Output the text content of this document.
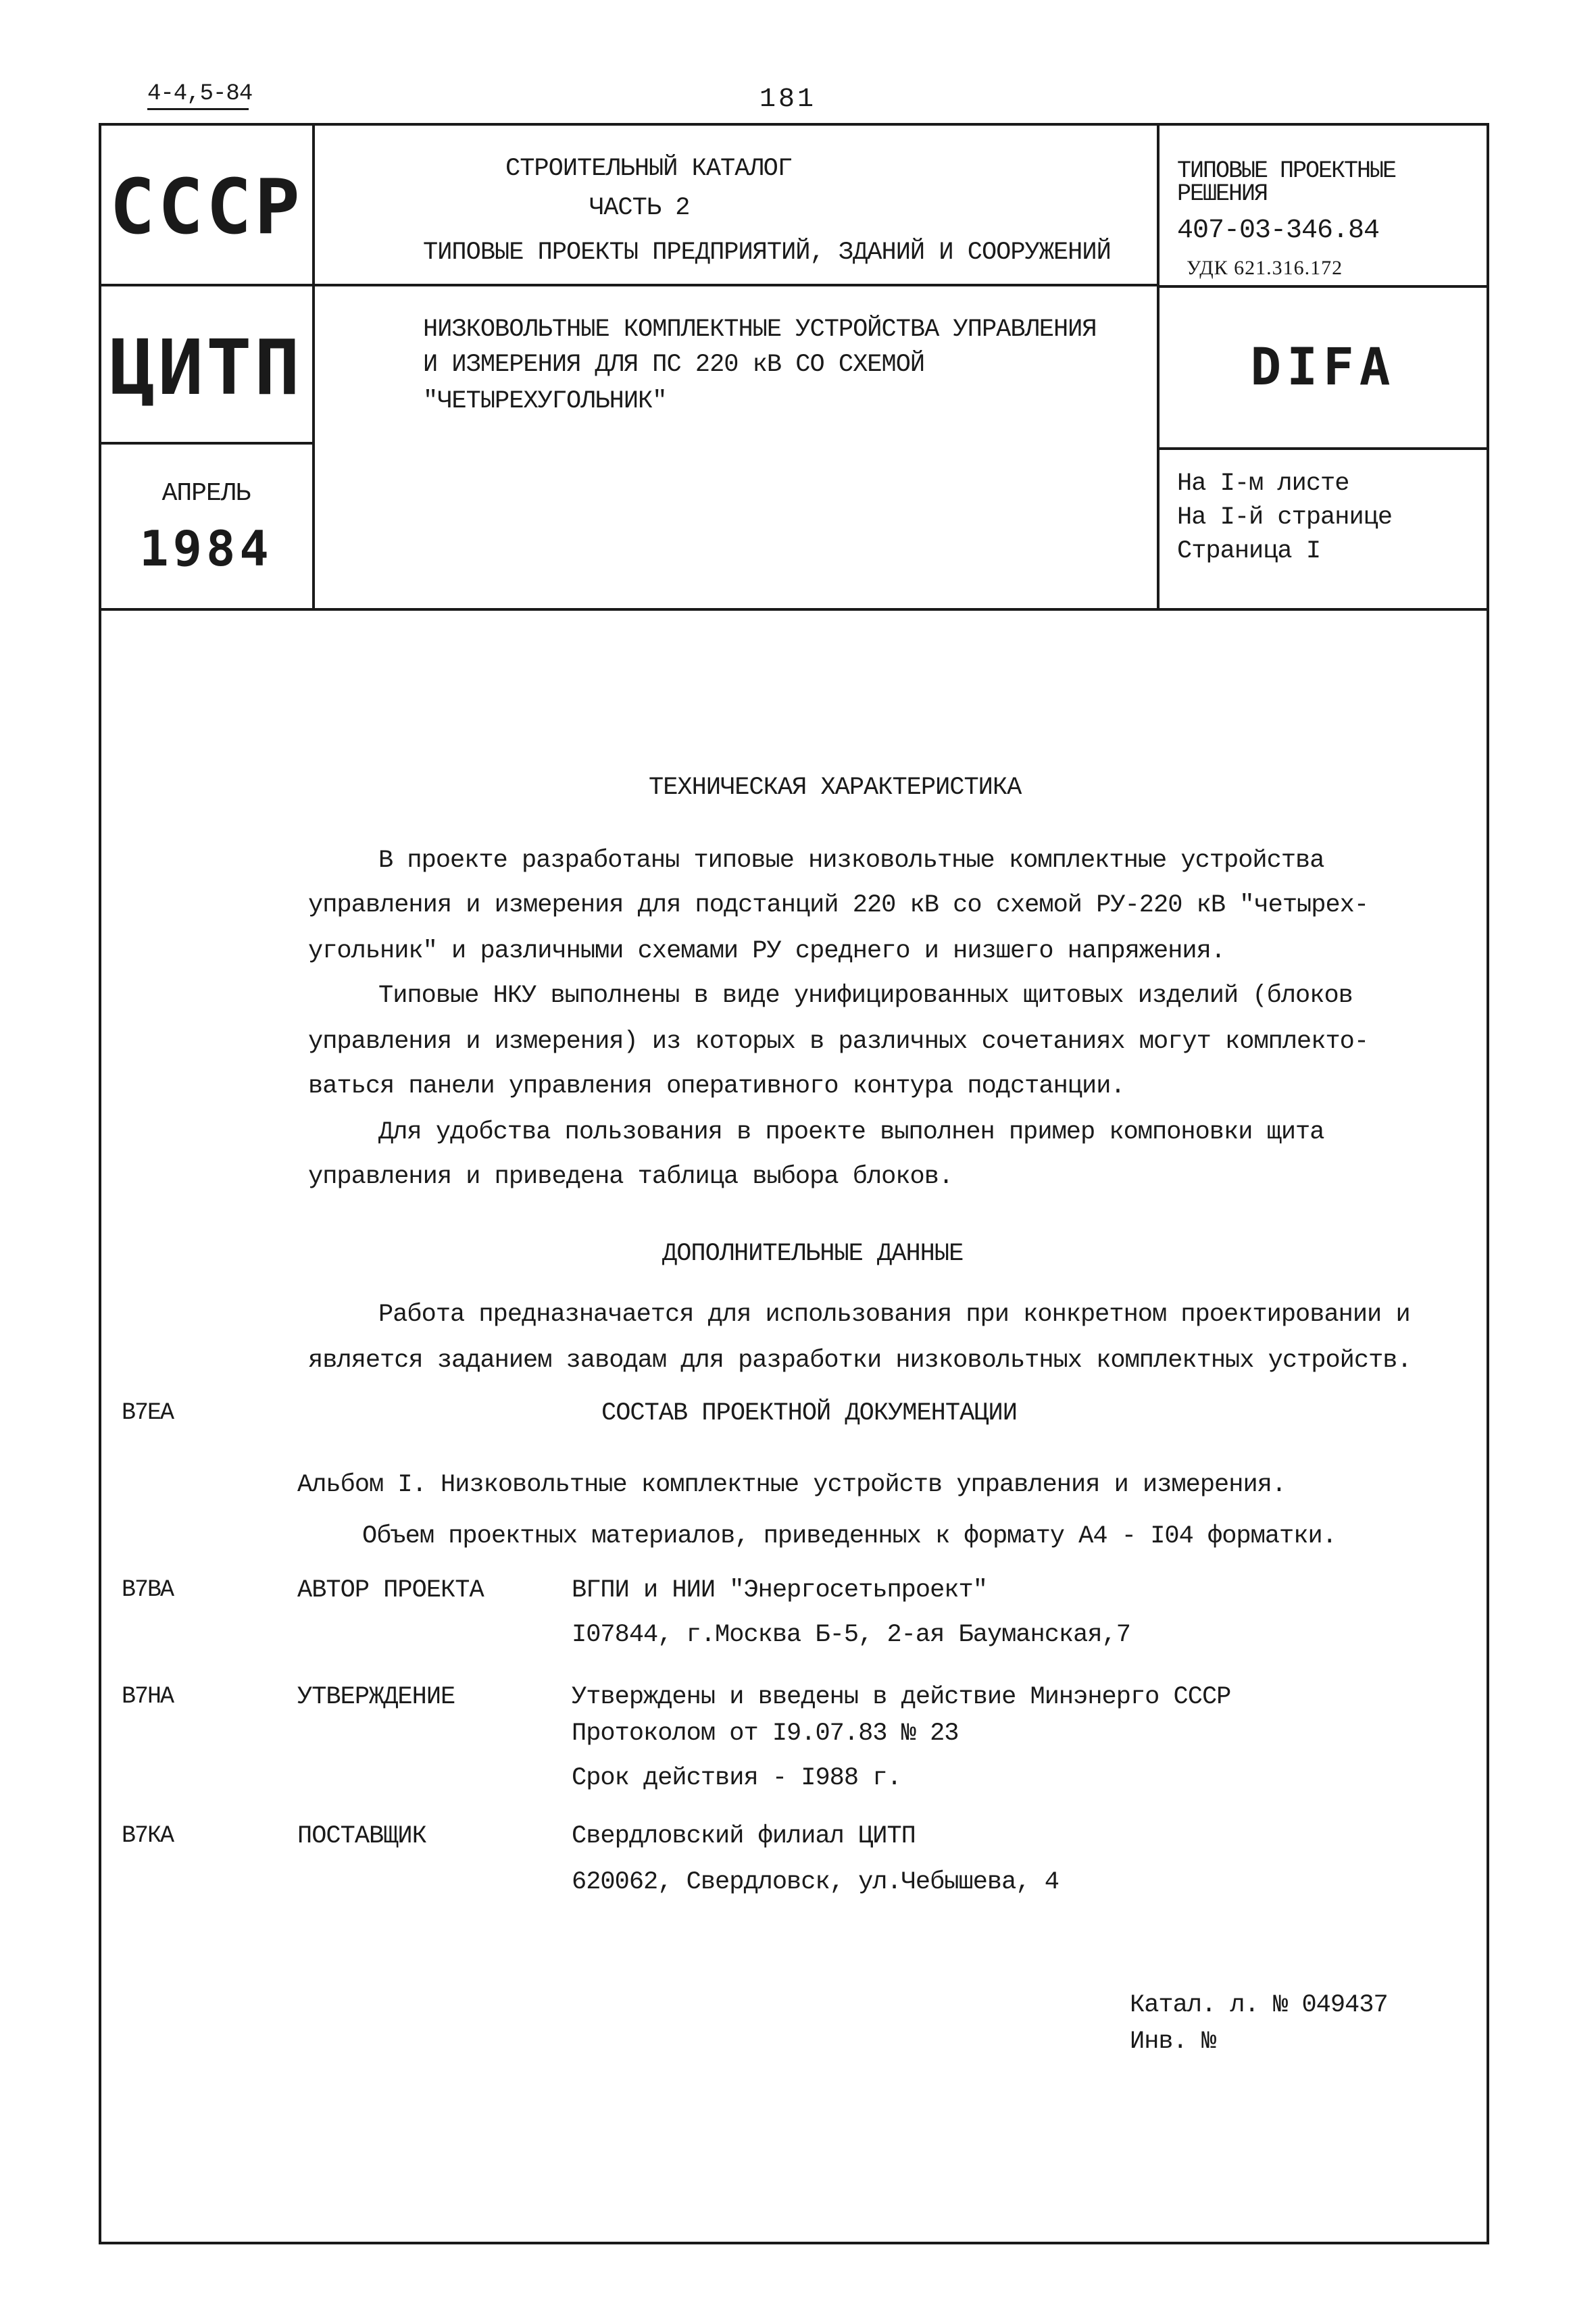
4-4,5-84	181
СССР
ЦИТП
АПРЕЛЬ
1984
СТРОИТЕЛЬНЫЙ КАТАЛОГ
ЧАСТЬ 2
ТИПОВЫЕ ПРОЕКТЫ ПРЕДПРИЯТИЙ, ЗДАНИЙ И СООРУЖЕНИЙ
НИЗКОВОЛЬТНЫЕ КОМПЛЕКТНЫЕ УСТРОЙСТВА УПРАВЛЕНИЯ
И ИЗМЕРЕНИЯ ДЛЯ ПС 220 кВ СО СХЕМОЙ
"ЧЕТЫРЕХУГОЛЬНИК"
ТИПОВЫЕ ПРОЕКТНЫЕ
РЕШЕНИЯ
407-03-346.84
УДК 621.316.172
DIFA
На I-м листе
На I-й странице
Страница I
ТЕХНИЧЕСКАЯ ХАРАКТЕРИСТИКА
В проекте разработаны типовые низковольтные комплектные устройства
управления и измерения для подстанций 220 кВ со схемой РУ-220 кВ "четырех-
угольник" и различными схемами РУ среднего и низшего напряжения.
Типовые НКУ выполнены в виде унифицированных щитовых изделий (блоков
управления и измерения) из которых в различных сочетаниях могут комплекто-
ваться панели управления оперативного контура подстанции.
Для удобства пользования в проекте выполнен пример компоновки щита
управления и приведена таблица выбора блоков.
ДОПОЛНИТЕЛЬНЫЕ ДАННЫЕ
Работа предназначается для использования при конкретном проектировании и
является заданием заводам для разработки низковольтных комплектных устройств.
В7ЕА	СОСТАВ ПРОЕКТНОЙ ДОКУМЕНТАЦИИ
Альбом I. Низковольтные комплектные устройств управления и измерения.
Объем проектных материалов, приведенных к формату А4 - I04 форматки.
В7ВА	АВТОР ПРОЕКТА	ВГПИ и НИИ "Энергосетьпроект"
I07844, г.Москва Б-5, 2-ая Бауманская,7
В7НА	УТВЕРЖДЕНИЕ	Утверждены и введены в действие Минэнерго СССР
Протоколом от I9.07.83 № 23
Срок действия - I988 г.
В7КА	ПОСТАВЩИК	Свердловский филиал ЦИТП
620062, Свердловск, ул.Чебышева, 4
Катал. л. № 049437
Инв. №
